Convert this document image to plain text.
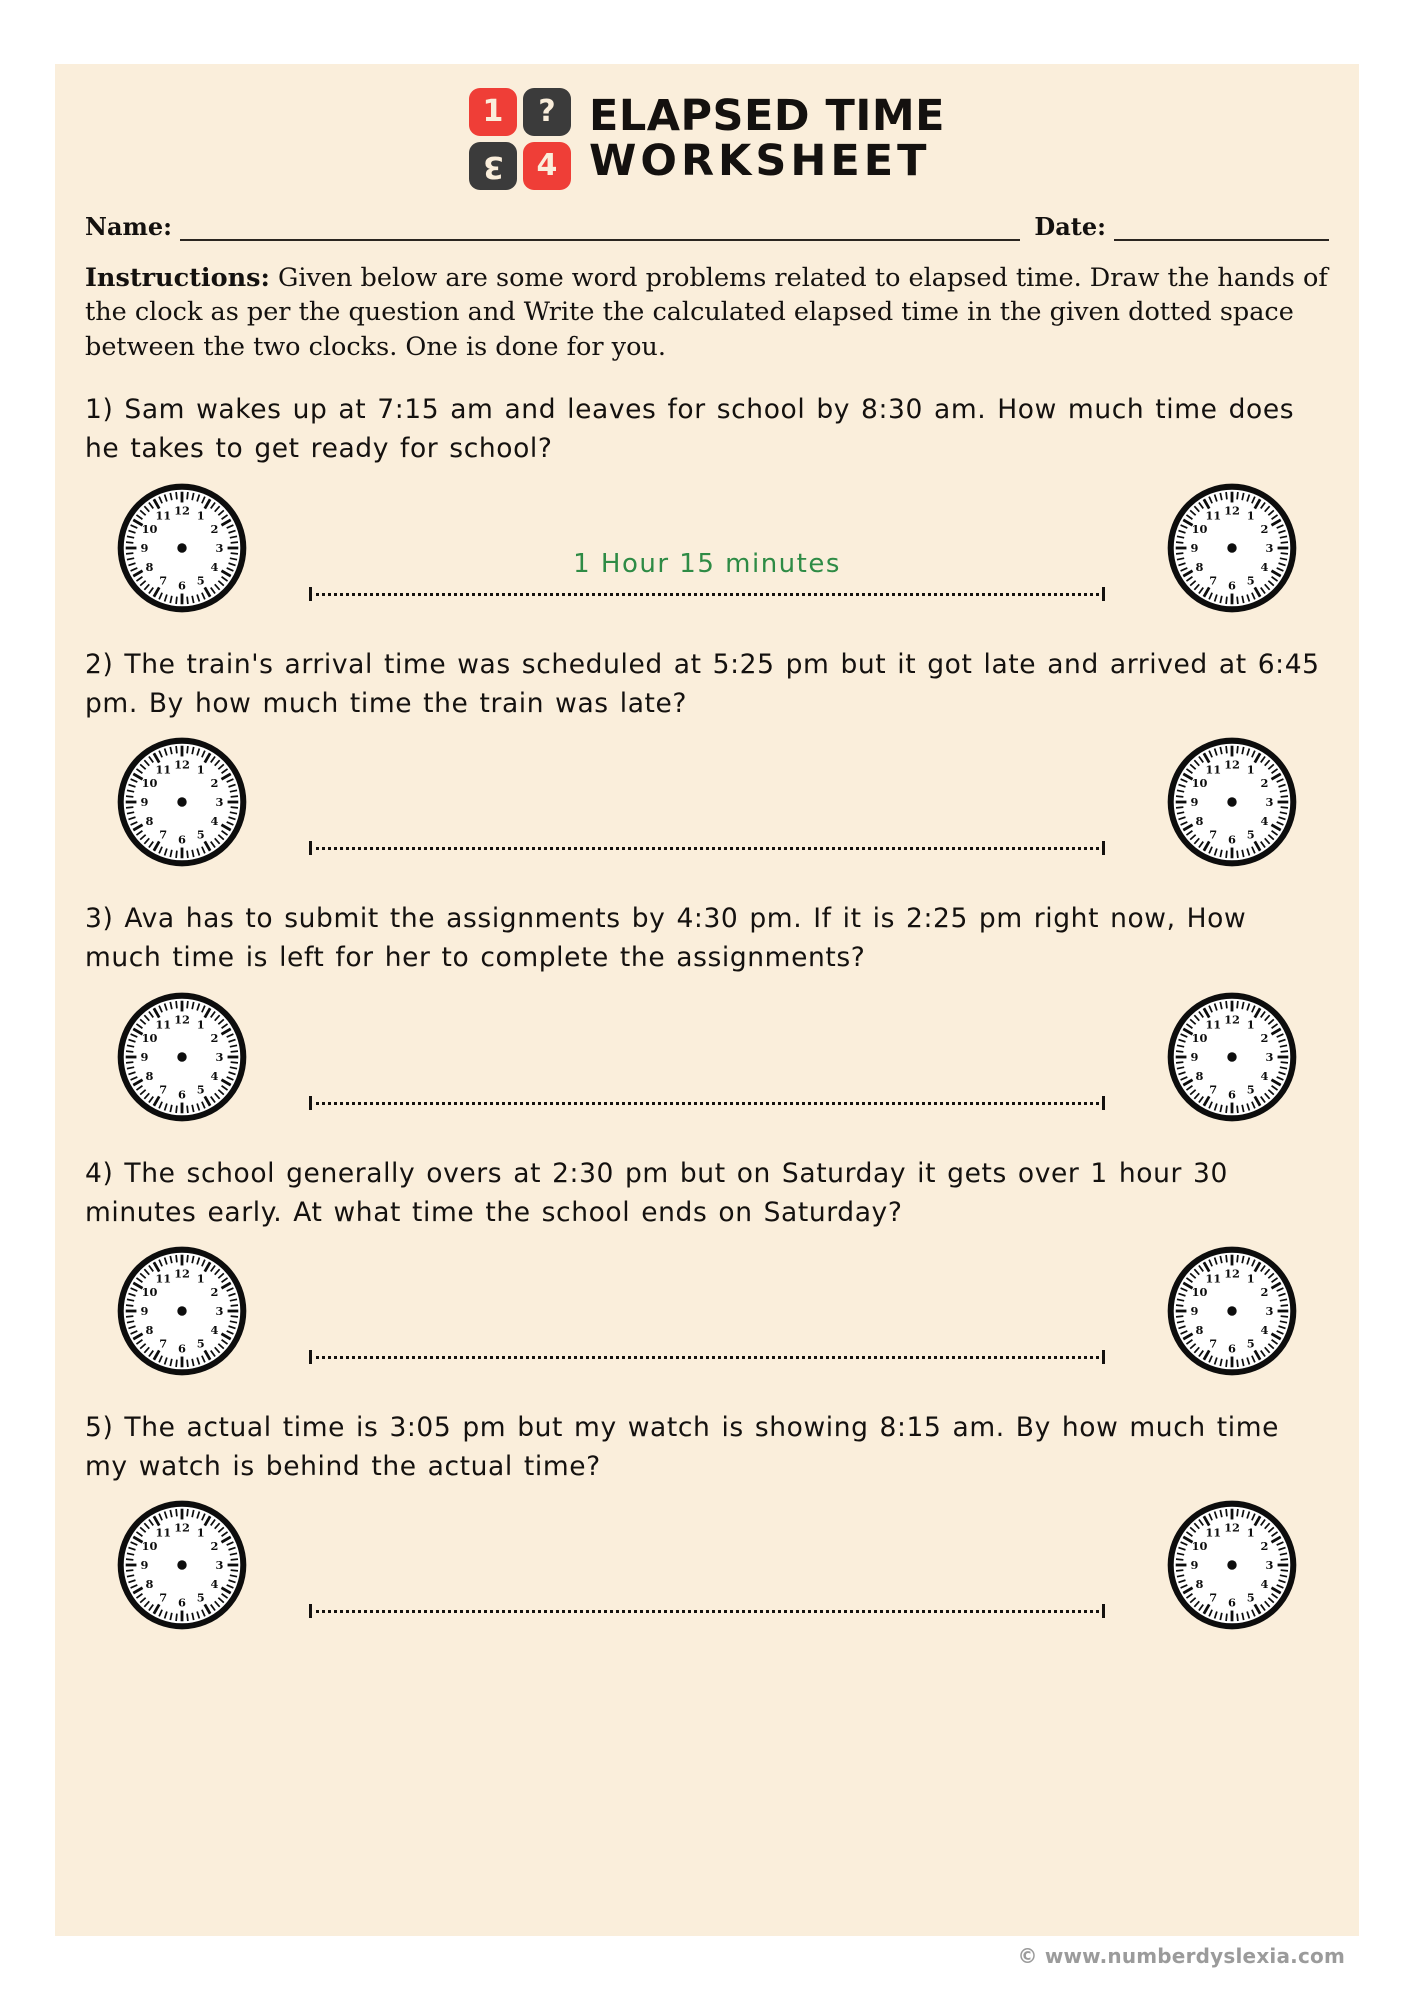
1 ?
3 4
ELAPSED TIME
WORKSHEET
Name:	Date:
Instructions: Given below are some word problems related to elapsed time. Draw the hands of the clock as per the question and Write the calculated elapsed time in the given dotted space between the two clocks. One is done for you.
1) Sam wakes up at 7:15 am and leaves for school by 8:30 am. How much time does he takes to get ready for school?
12 1
2
3
4
5
6
7
8
9
10
11
1 Hour 15 minutes
12 1
2
3
4
5
6
7
8
9
10
11
2) The train's arrival time was scheduled at 5:25 pm but it got late and arrived at 6:45 pm. By how much time the train was late?
12 1
2
3
4
5
6
7
8
9
10
11	12 1
2
3
4
5
6
7
8
9
10
11
3) Ava has to submit the assignments by 4:30 pm. If it is 2:25 pm right now, How much time is left for her to complete the assignments?
12 1
2
3
4
5
6
7
8
9
10
11	12 1
2
3
4
5
6
7
8
9
10
11
4) The school generally overs at 2:30 pm but on Saturday it gets over 1 hour 30 minutes early. At what time the school ends on Saturday?
12 1
2
3
4
5
6
7
8
9
10
11	12 1
2
3
4
5
6
7
8
9
10
11
5) The actual time is 3:05 pm but my watch is showing 8:15 am. By how much time my watch is behind the actual time?
12 1
2
3
4
5
6
7
8
9
10
11	12 1
2
3
4
5
6
7
8
9
10
11
© www.numberdyslexia.com
